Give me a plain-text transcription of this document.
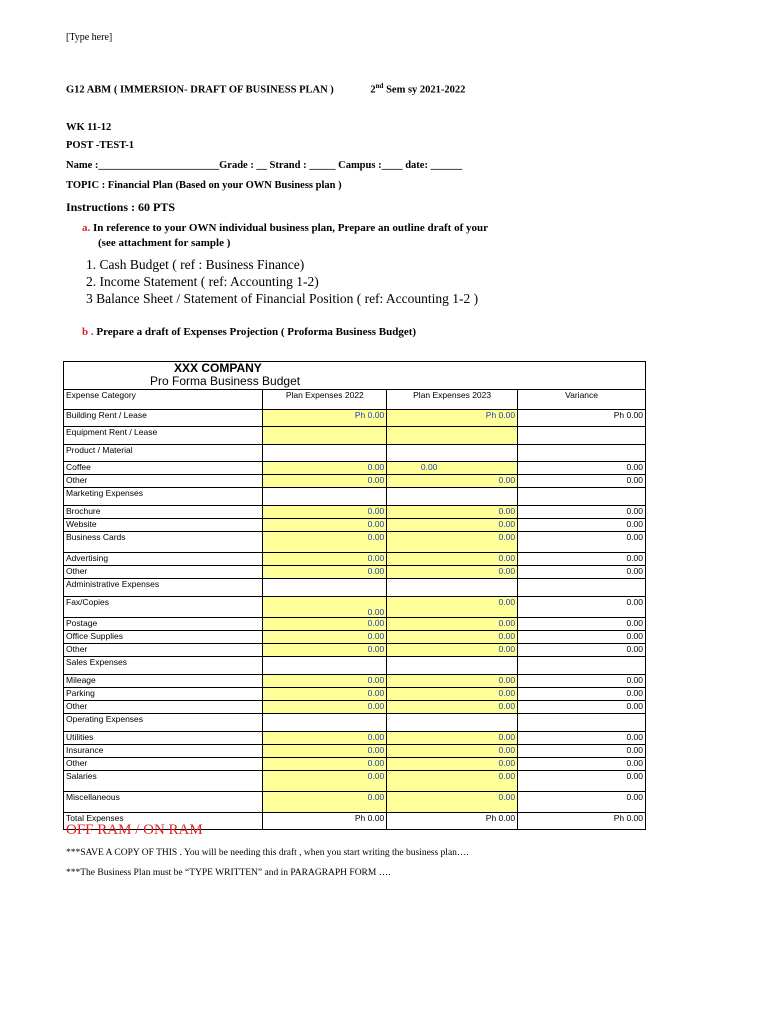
[Type here]
G12 ABM ( IMMERSION- DRAFT OF BUSINESS PLAN )	2nd Sem sy 2021-2022
WK 11-12
POST -TEST-1
Name :_______________________Grade : __ Strand : _____ Campus :____ date: ______
TOPIC : Financial Plan (Based on your OWN Business plan )
Instructions : 60 PTS
a. In reference to your OWN individual business plan, Prepare an outline draft of your
(see attachment for sample )
1. Cash Budget ( ref : Business Finance)
2. Income Statement ( ref: Accounting 1-2)
3 Balance Sheet / Statement of Financial Position ( ref: Accounting 1-2 )
b . Prepare a draft of Expenses Projection ( Proforma Business Budget)
XXX COMPANY
Pro Forma Business Budget			

Expense Category	Plan Expenses 2022	Plan Expenses 2023	Variance
Building Rent / Lease	Ph 0.00	Ph 0.00	Ph 0.00
Equipment Rent / Lease			
Product / Material			
Coffee	0.00	0.00	0.00
Other	0.00	0.00	0.00
Marketing Expenses			
Brochure	0.00	0.00	0.00
Website	0.00	0.00	0.00
Business Cards	0.00	0.00	0.00
Advertising	0.00	0.00	0.00
Other	0.00	0.00	0.00
Administrative Expenses			
Fax/Copies	0.00	0.00	0.00
Postage	0.00	0.00	0.00
Office Supplies	0.00	0.00	0.00
Other	0.00	0.00	0.00
Sales Expenses			
Mileage	0.00	0.00	0.00
Parking	0.00	0.00	0.00
Other	0.00	0.00	0.00
Operating Expenses			
Utilities	0.00	0.00	0.00
Insurance	0.00	0.00	0.00
Other	0.00	0.00	0.00
Salaries	0.00	0.00	0.00
Miscellaneous	0.00	0.00	0.00
Total Expenses	Ph 0.00	Ph 0.00	Ph 0.00
OFF RAM / ON RAM
***SAVE A COPY OF THIS . You will be needing this draft , when you start writing the business plan….
***The Business Plan must be “TYPE WRITTEN” and in PARAGRAPH FORM ….
